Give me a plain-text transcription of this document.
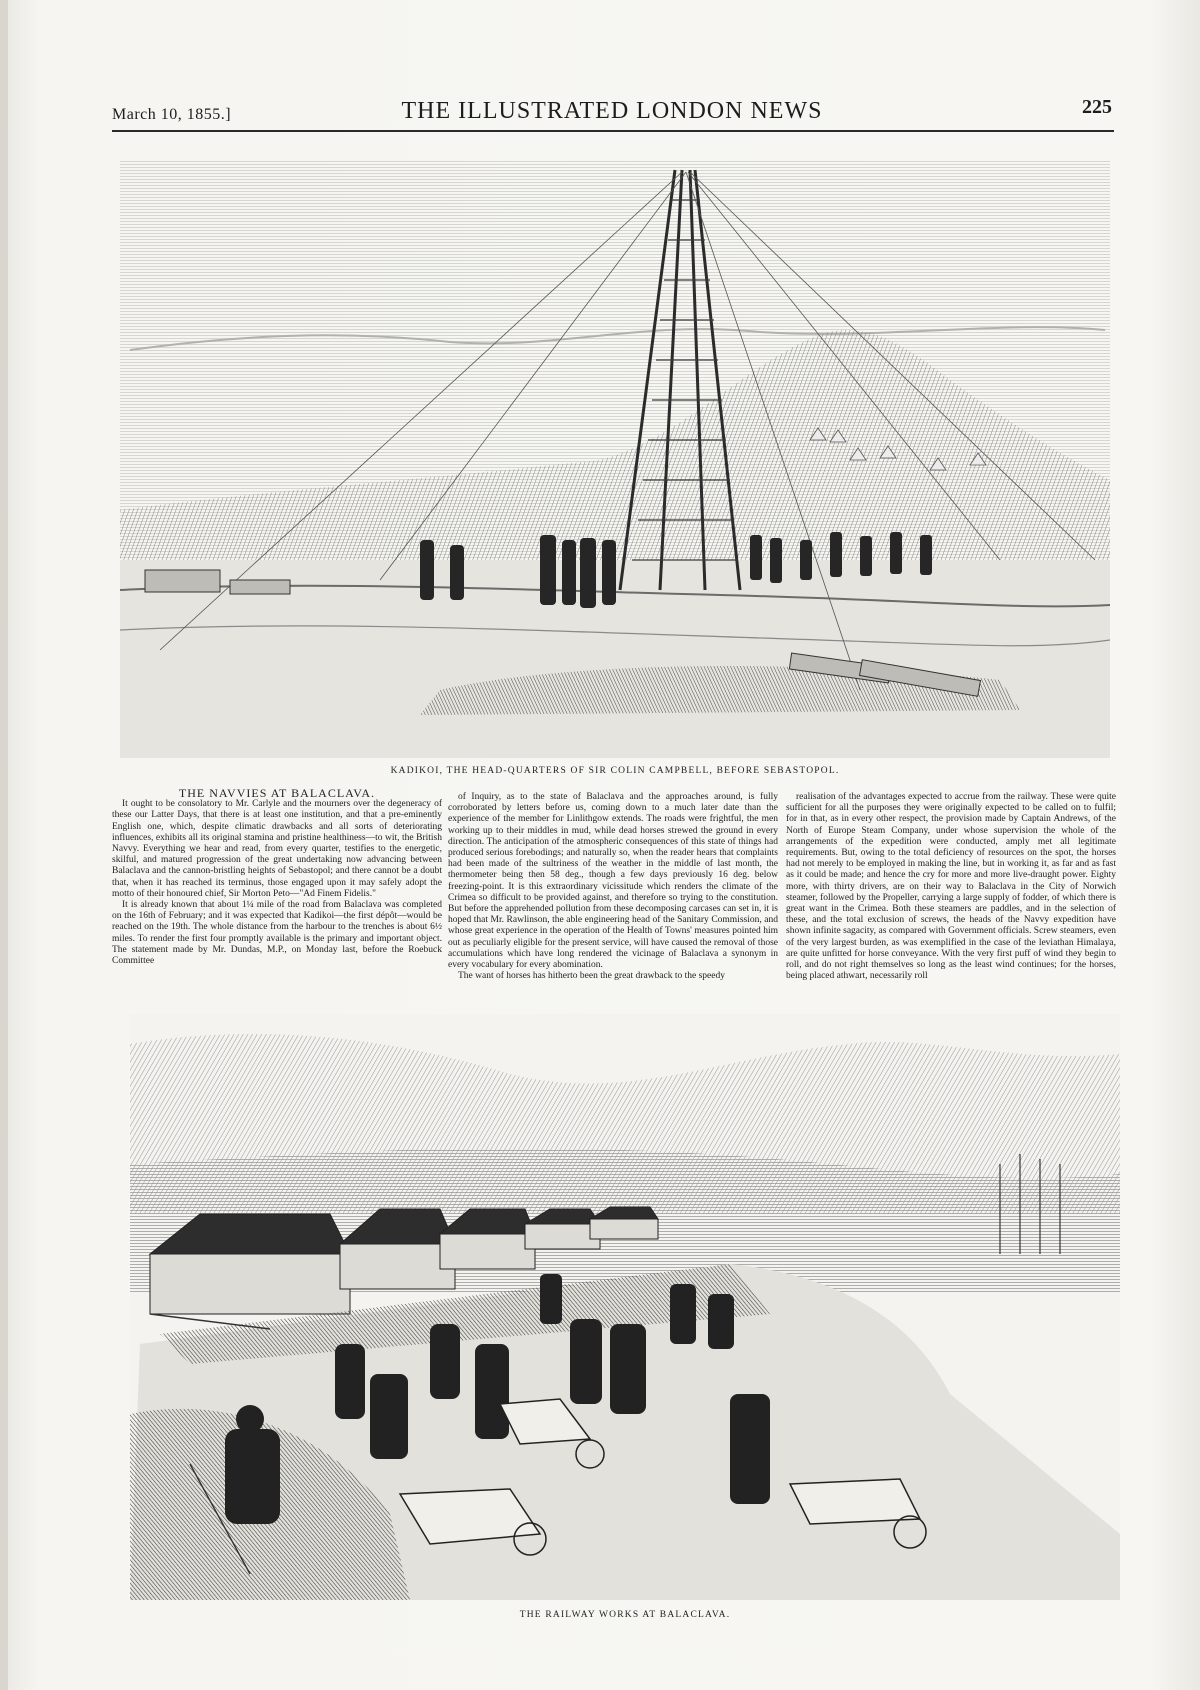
March 10, 1855.]	THE ILLUSTRATED LONDON NEWS	225
KADIKOI, THE HEAD-QUARTERS OF SIR COLIN CAMPBELL, BEFORE SEBASTOPOL.

THE NAVVIES AT BALACLAVA.

It ought to be consolatory to Mr. Carlyle and the mourners over the degeneracy of these our Latter Days, that there is at least one institution, and that a pre-eminently English one, which, despite climatic drawbacks and all sorts of deteriorating influences, exhibits all its original stamina and pristine healthiness—to wit, the British Navvy. Everything we hear and read, from every quarter, testifies to the energetic, skilful, and matured progression of the great undertaking now advancing between Balaclava and the cannon-bristling heights of Sebastopol; and there cannot be a doubt that, when it has reached its terminus, those engaged upon it may safely adopt the motto of their honoured chief, Sir Morton Peto—"Ad Finem Fidelis."

It is already known that about 1¼ mile of the road from Balaclava was completed on the 16th of February; and it was expected that Kadikoi—the first dépôt—would be reached on the 19th. The whole distance from the harbour to the trenches is about 6½ miles. To render the first four promptly available is the primary and important object. The statement made by Mr. Dundas, M.P., on Monday last, before the Roebuck Committee

of Inquiry, as to the state of Balaclava and the approaches around, is fully corroborated by letters before us, coming down to a much later date than the experience of the member for Linlithgow extends. The roads were frightful, the men working up to their middles in mud, while dead horses strewed the ground in every direction. The anticipation of the atmospheric consequences of this state of things had produced serious forebodings; and naturally so, when the reader hears that complaints had been made of the sultriness of the weather in the middle of last month, the thermometer being then 58 deg., though a few days previously 16 deg. below freezing-point. It is this extraordinary vicissitude which renders the climate of the Crimea so difficult to be provided against, and therefore so trying to the constitution. But before the apprehended pollution from these decomposing carcases can set in, it is hoped that Mr. Rawlinson, the able engineering head of the Sanitary Commission, and whose great experience in the operation of the Health of Towns' measures pointed him out as peculiarly eligible for the present service, will have caused the removal of those accumulations which have long rendered the vicinage of Balaclava a synonym in every vocabulary for every abomination.

The want of horses has hitherto been the great drawback to the speedy

realisation of the advantages expected to accrue from the railway. These were quite sufficient for all the purposes they were originally expected to be called on to fulfil; for in that, as in every other respect, the provision made by Captain Andrews, of the North of Europe Steam Company, under whose supervision the whole of the arrangements of the expedition were conducted, amply met all legitimate requirements. But, owing to the total deficiency of resources on the spot, the horses had not merely to be employed in making the line, but in working it, as far and as fast as it could be made; and hence the cry for more and more live-draught power. Eighty more, with thirty drivers, are on their way to Balaclava in the City of Norwich steamer, followed by the Propeller, carrying a large supply of fodder, of which there is great want in the Crimea. Both these steamers are paddles, and in the selection of these, and the total exclusion of screws, the heads of the Navvy expedition have shown infinite sagacity, as compared with Government officials. Screw steamers, even of the very largest burden, as was exemplified in the case of the leviathan Himalaya, are quite unfitted for horse conveyance. With the very first puff of wind they begin to roll, and do not right themselves so long as the least wind continues; for the horses, being placed athwart, necessarily roll

THE RAILWAY WORKS AT BALACLAVA.
